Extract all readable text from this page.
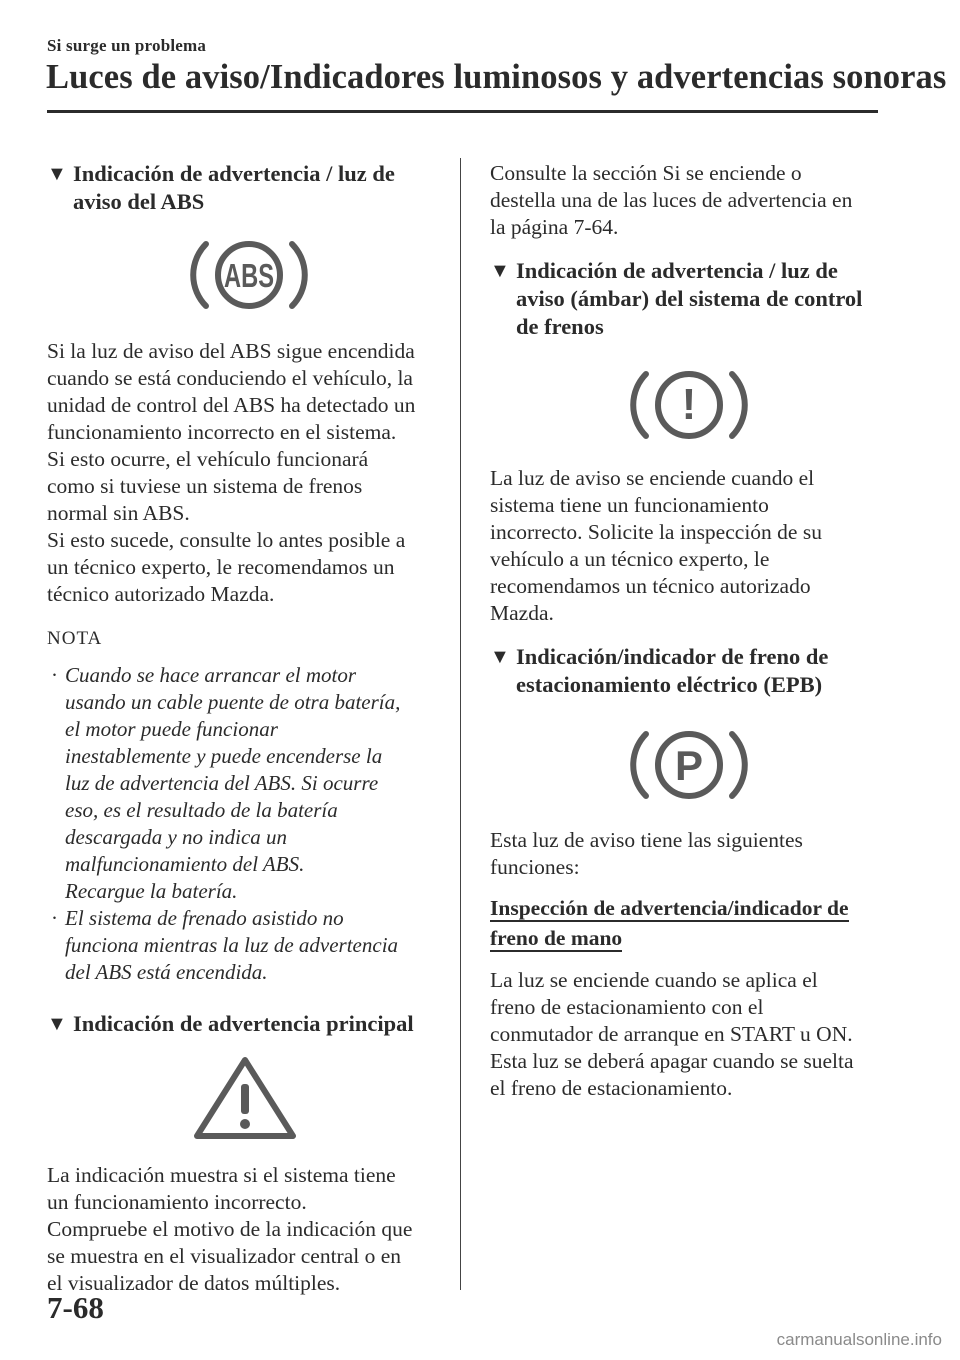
Si surge un problema
Luces de aviso/Indicadores luminosos y advertencias sonoras
▼ Indicación de advertencia / luz de
aviso del ABS
ABS

Si la luz de aviso del ABS sigue encendida

cuando se está conduciendo el vehículo, la

unidad de control del ABS ha detectado un

funcionamiento incorrecto en el sistema.

Si esto ocurre, el vehículo funcionará

como si tuviese un sistema de frenos

normal sin ABS.

Si esto sucede, consulte lo antes posible a

un técnico experto, le recomendamos un

técnico autorizado Mazda.

NOTA

· Cuando se hace arrancar el motor
usando un cable puente de otra batería,
el motor puede funcionar
inestablemente y puede encenderse la
luz de advertencia del ABS. Si ocurre
eso, es el resultado de la batería
descargada y no indica un
malfuncionamiento del ABS.
Recargue la batería.
· El sistema de frenado asistido no
funciona mientras la luz de advertencia
del ABS está encendida.
▼ Indicación de advertencia principal

La indicación muestra si el sistema tiene

un funcionamiento incorrecto.

Compruebe el motivo de la indicación que

se muestra en el visualizador central o en

el visualizador de datos múltiples.

Consulte la sección Si se enciende o

destella una de las luces de advertencia en

la página 7-64.

▼ Indicación de advertencia / luz de
aviso (ámbar) del sistema de control
de frenos
!

La luz de aviso se enciende cuando el

sistema tiene un funcionamiento

incorrecto. Solicite la inspección de su

vehículo a un técnico experto, le

recomendamos un técnico autorizado

Mazda.

▼ Indicación/indicador de freno de
estacionamiento eléctrico (EPB)
P

Esta luz de aviso tiene las siguientes

funciones:

Inspección de advertencia/indicador de

freno de mano

La luz se enciende cuando se aplica el

freno de estacionamiento con el

conmutador de arranque en START u ON.

Esta luz se deberá apagar cuando se suelta

el freno de estacionamiento.

7-68
carmanualsonline.info
